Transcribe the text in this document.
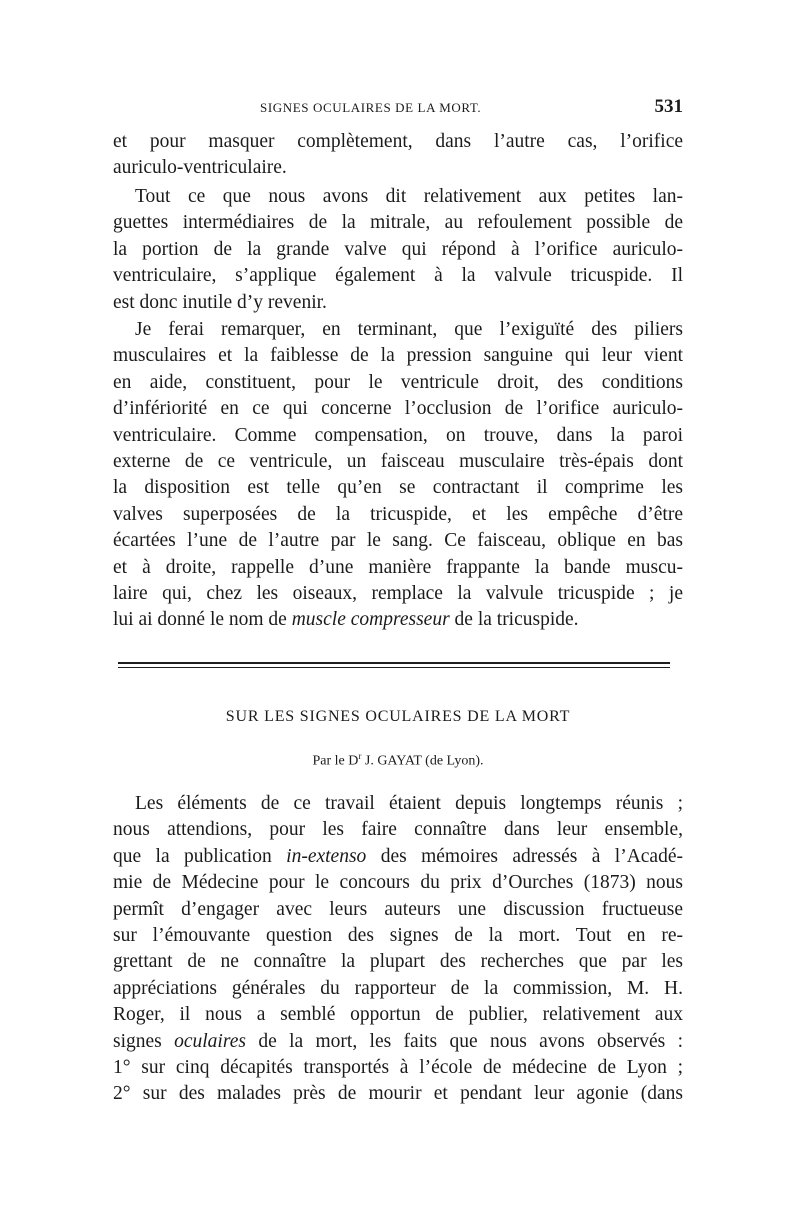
SIGNES OCULAIRES DE LA MORT.	531
et pour masquer complètement, dans l’autre cas, l’orifice
auriculo-ventriculaire.
Tout ce que nous avons dit relativement aux petites lan-
guettes intermédiaires de la mitrale, au refoulement possible de
la portion de la grande valve qui répond à l’orifice auriculo-
ventriculaire, s’applique également à la valvule tricuspide. Il
est donc inutile d’y revenir.
Je ferai remarquer, en terminant, que l’exiguïté des piliers
musculaires et la faiblesse de la pression sanguine qui leur vient
en aide, constituent, pour le ventricule droit, des conditions
d’infériorité en ce qui concerne l’occlusion de l’orifice auriculo-
ventriculaire. Comme compensation, on trouve, dans la paroi
externe de ce ventricule, un faisceau musculaire très-épais dont
la disposition est telle qu’en se contractant il comprime les
valves superposées de la tricuspide, et les empêche d’être
écartées l’une de l’autre par le sang. Ce faisceau, oblique en bas
et à droite, rappelle d’une manière frappante la bande muscu-
laire qui, chez les oiseaux, remplace la valvule tricuspide ; je
lui ai donné le nom de muscle compresseur de la tricuspide.
SUR LES SIGNES OCULAIRES DE LA MORT
Par le $D^r$ J. GAYAT (de Lyon).
Les éléments de ce travail étaient depuis longtemps réunis ;
nous attendions, pour les faire connaître dans leur ensemble,
que la publication in-extenso des mémoires adressés à l’Acadé-
mie de Médecine pour le concours du prix d’Ourches (1873) nous
permît d’engager avec leurs auteurs une discussion fructueuse
sur l’émouvante question des signes de la mort. Tout en re-
grettant de ne connaître la plupart des recherches que par les
appréciations générales du rapporteur de la commission, M. H.
Roger, il nous a semblé opportun de publier, relativement aux
signes oculaires de la mort, les faits que nous avons observés :
1° sur cinq décapités transportés à l’école de médecine de Lyon ;
2° sur des malades près de mourir et pendant leur agonie (dans
